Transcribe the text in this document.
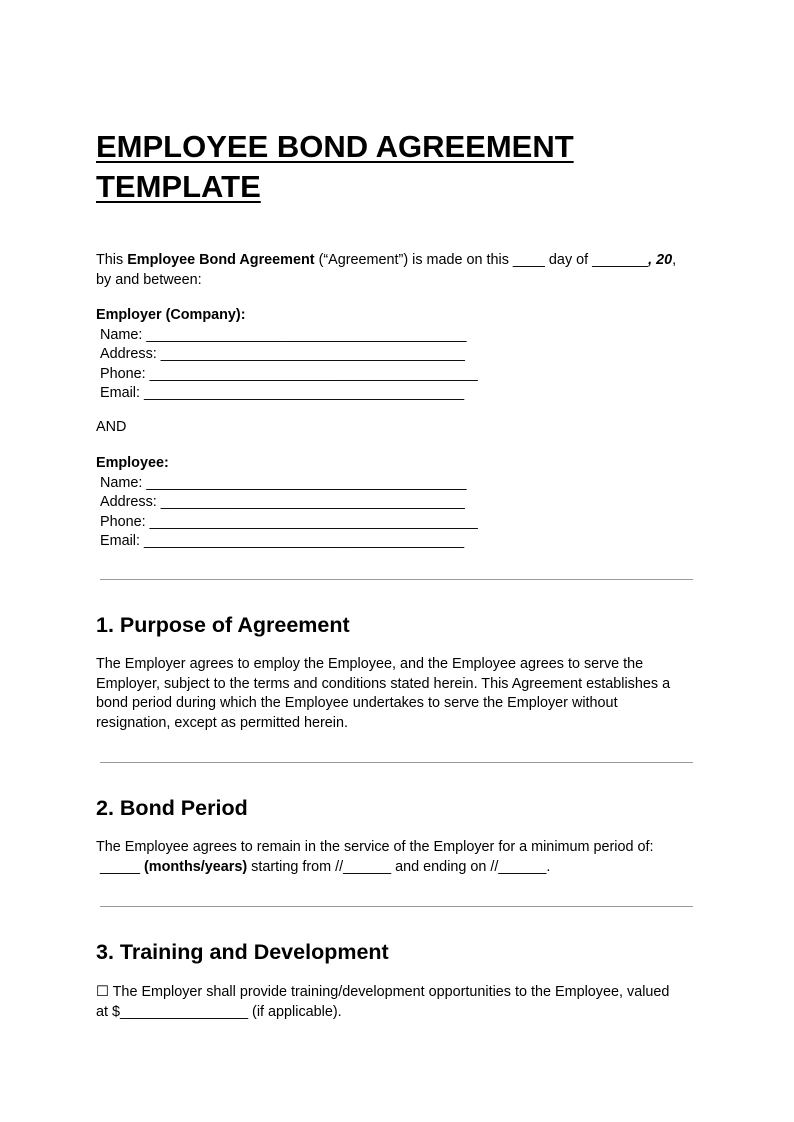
EMPLOYEE BOND AGREEMENT
TEMPLATE

This Employee Bond Agreement (“Agreement”) is made on this ____ day of _______, 20,
by and between:

Employer (Company):
Name: ________________________________________
Address: ______________________________________
Phone: _________________________________________
Email: ________________________________________

AND

Employee:
Name: ________________________________________
Address: ______________________________________
Phone: _________________________________________
Email: ________________________________________
1. Purpose of Agreement

The Employer agrees to employ the Employee, and the Employee agrees to serve the
Employer, subject to the terms and conditions stated herein. This Agreement establishes a
bond period during which the Employee undertakes to serve the Employer without
resignation, except as permitted herein.

2. Bond Period

The Employee agrees to remain in the service of the Employer for a minimum period of:
_____ (months/years) starting from //______ and ending on //______.

3. Training and Development

☐ The Employer shall provide training/development opportunities to the Employee, valued
at $________________ (if applicable).
